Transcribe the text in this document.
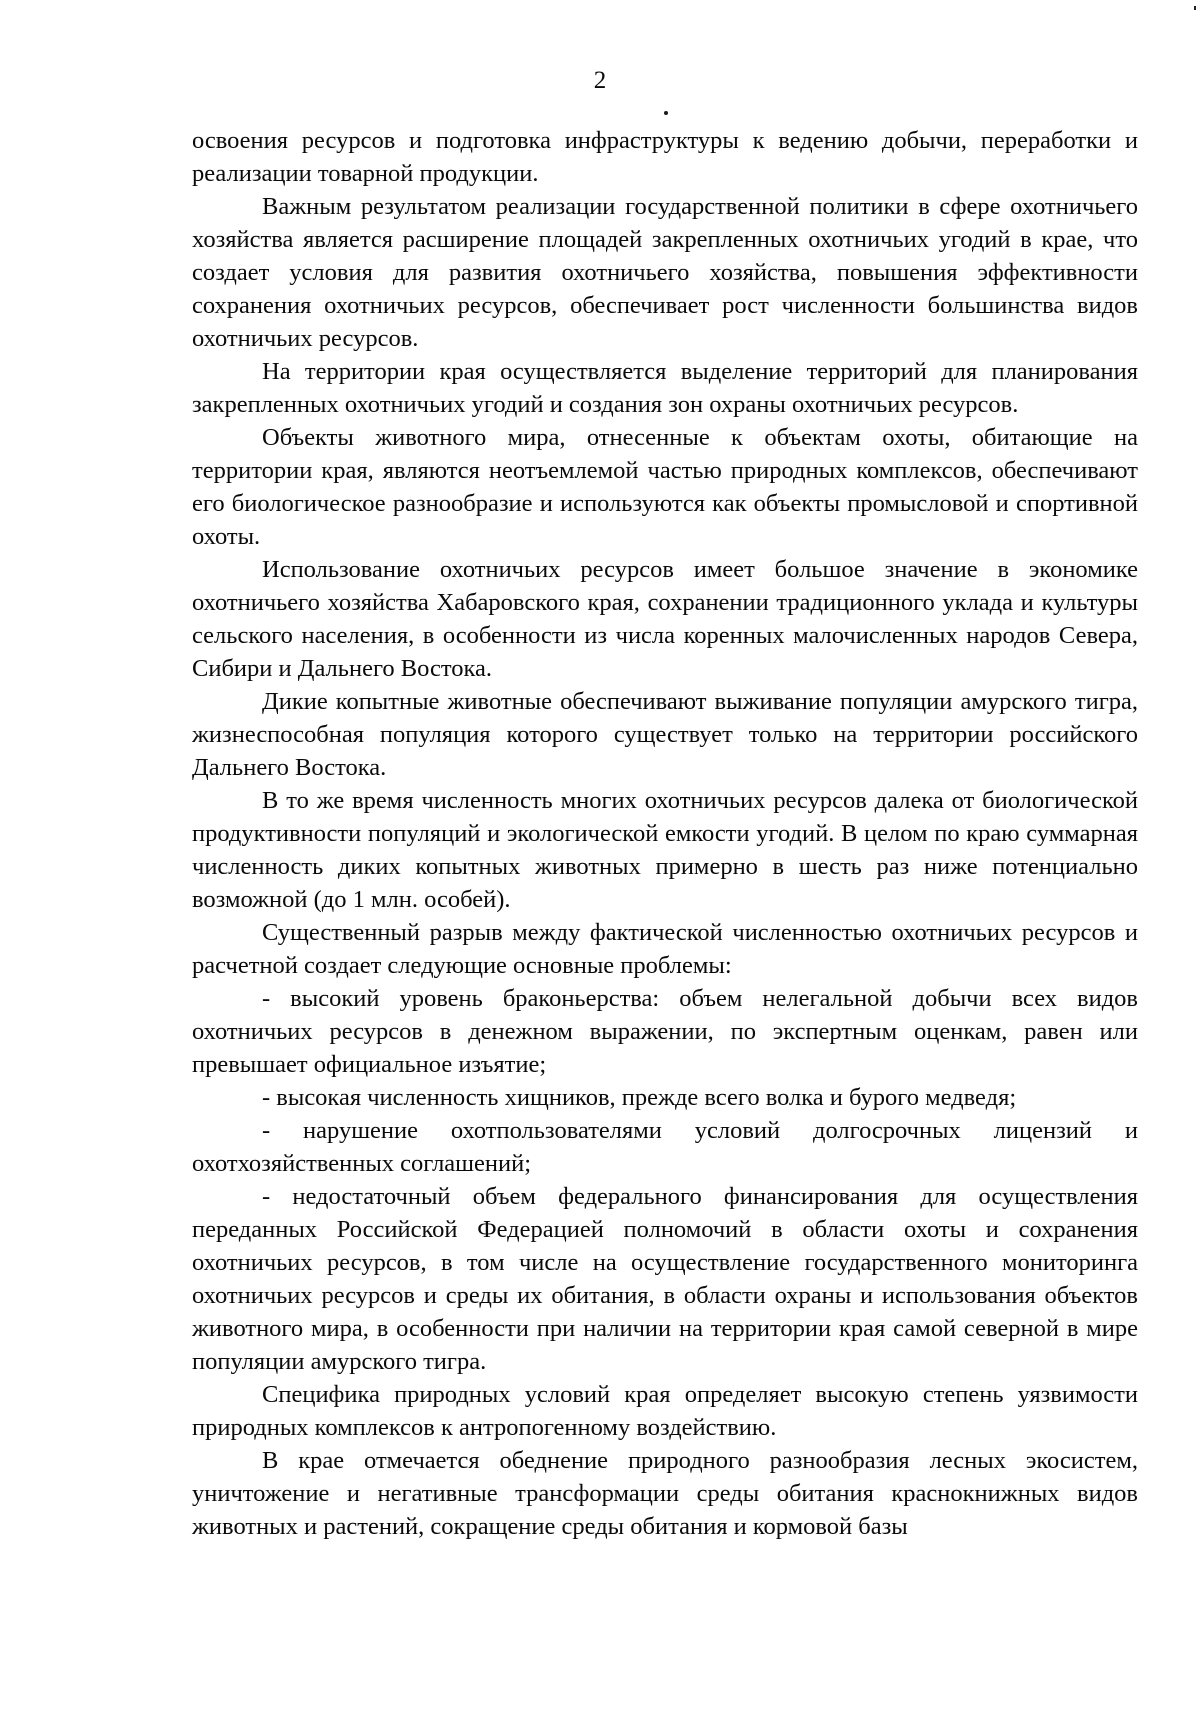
2

освоения ресурсов и подготовка инфраструктуры к ведению добычи, переработки и реализации товарной продукции.

Важным результатом реализации государственной политики в сфере охотничьего хозяйства является расширение площадей закрепленных охотничьих угодий в крае, что создает условия для развития охотничьего хозяйства, повышения эффективности сохранения охотничьих ресурсов, обеспечивает рост численности большинства видов охотничьих ресурсов.

На территории края осуществляется выделение территорий для планирования закрепленных охотничьих угодий и создания зон охраны охотничьих ресурсов.

Объекты животного мира, отнесенные к объектам охоты, обитающие на территории края, являются неотъемлемой частью природных комплексов, обеспечивают его биологическое разнообразие и используются как объекты промысловой и спортивной охоты.

Использование охотничьих ресурсов имеет большое значение в экономике охотничьего хозяйства Хабаровского края, сохранении традиционного уклада и культуры сельского населения, в особенности из числа коренных малочисленных народов Севера, Сибири и Дальнего Востока.

Дикие копытные животные обеспечивают выживание популяции амурского тигра, жизнеспособная популяция которого существует только на территории российского Дальнего Востока.

В то же время численность многих охотничьих ресурсов далека от биологической продуктивности популяций и экологической емкости угодий. В целом по краю суммарная численность диких копытных животных примерно в шесть раз ниже потенциально возможной (до 1 млн. особей).

Существенный разрыв между фактической численностью охотничьих ресурсов и расчетной создает следующие основные проблемы:

- высокий уровень браконьерства: объем нелегальной добычи всех видов охотничьих ресурсов в денежном выражении, по экспертным оценкам, равен или превышает официальное изъятие;

- высокая численность хищников, прежде всего волка и бурого медведя;

- нарушение охотпользователями условий долгосрочных лицензий и охотхозяйственных соглашений;

- недостаточный объем федерального финансирования для осуществления переданных Российской Федерацией полномочий в области охоты и сохранения охотничьих ресурсов, в том числе на осуществление государственного мониторинга охотничьих ресурсов и среды их обитания, в области охраны и использования объектов животного мира, в особенности при наличии на территории края самой северной в мире популяции амурского тигра.

Специфика природных условий края определяет высокую степень уязвимости природных комплексов к антропогенному воздействию.

В крае отмечается обеднение природного разнообразия лесных экосистем, уничтожение и негативные трансформации среды обитания краснокнижных видов животных и растений, сокращение среды обитания и кормовой базы
